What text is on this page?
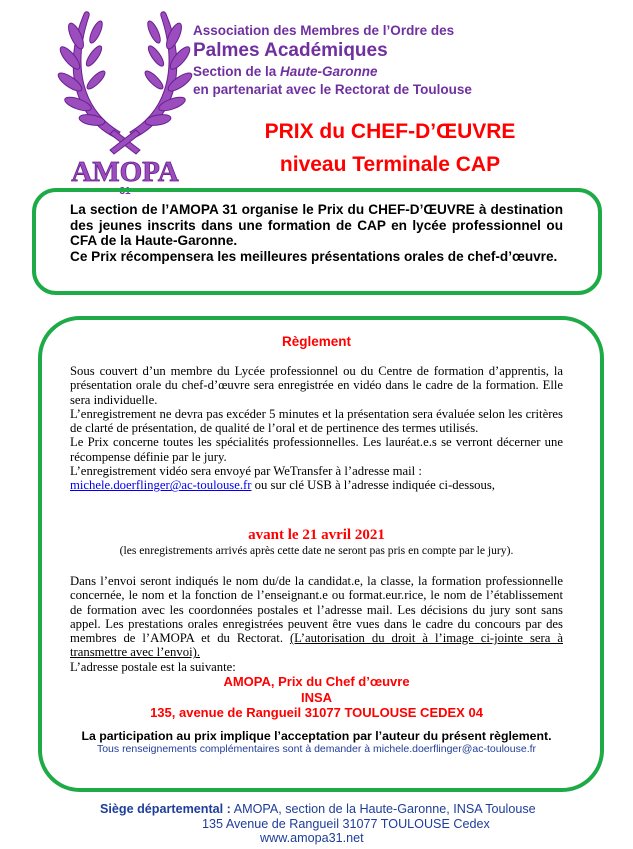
AMOPA
31
Association des Membres de l’Ordre des
Palmes Académiques
Section de la Haute-Garonne
en partenariat avec le Rectorat de Toulouse
PRIX du CHEF-D’ŒUVRE
niveau Terminale CAP

La section de l’AMOPA 31 organise le Prix du CHEF-D’ŒUVRE à destination des jeunes inscrits dans une formation de CAP en lycée professionnel ou CFA de la Haute-Garonne.

Ce Prix récompensera les meilleures présentations orales de chef-d’œuvre.

Règlement

Sous couvert d’un membre du Lycée professionnel ou du Centre de formation d’apprentis, la présentation orale du chef-d’œuvre sera enregistrée en vidéo dans le cadre de la formation. Elle sera individuelle.

L’enregistrement ne devra pas excéder 5 minutes et la présentation sera évaluée selon les critères de clarté de présentation, de qualité de l’oral et de pertinence des termes utilisés.

Le Prix concerne toutes les spécialités professionnelles. Les lauréat.e.s se verront décerner une récompense définie par le jury.

L’enregistrement vidéo sera envoyé par WeTransfer à l’adresse mail :

michele.doerflinger@ac-toulouse.fr ou sur clé USB à l’adresse indiquée ci-dessous,

avant le 21 avril 2021
(les enregistrements arrivés après cette date ne seront pas pris en compte par le jury).

Dans l’envoi seront indiqués le nom du/de la candidat.e, la classe, la formation professionnelle concernée, le nom et la fonction de l’enseignant.e ou format.eur.rice, le nom de l’établissement de formation avec les coordonnées postales et l’adresse mail. Les décisions du jury sont sans appel. Les prestations orales enregistrées peuvent être vues dans le cadre du concours par des membres de l’AMOPA et du Rectorat. (L’autorisation du droit à l’image ci-jointe sera à transmettre avec l’envoi).

L’adresse postale est la suivante:

AMOPA, Prix du Chef d’œuvre
INSA
135, avenue de Rangueil 31077 TOULOUSE CEDEX 04
La participation au prix implique l’acceptation par l’auteur du présent règlement.
Tous renseignements complémentaires sont à demander à michele.doerflinger@ac-toulouse.fr
Siège départemental : AMOPA, section de la Haute-Garonne, INSA Toulouse
135 Avenue de Rangueil 31077 TOULOUSE Cedex
www.amopa31.net
